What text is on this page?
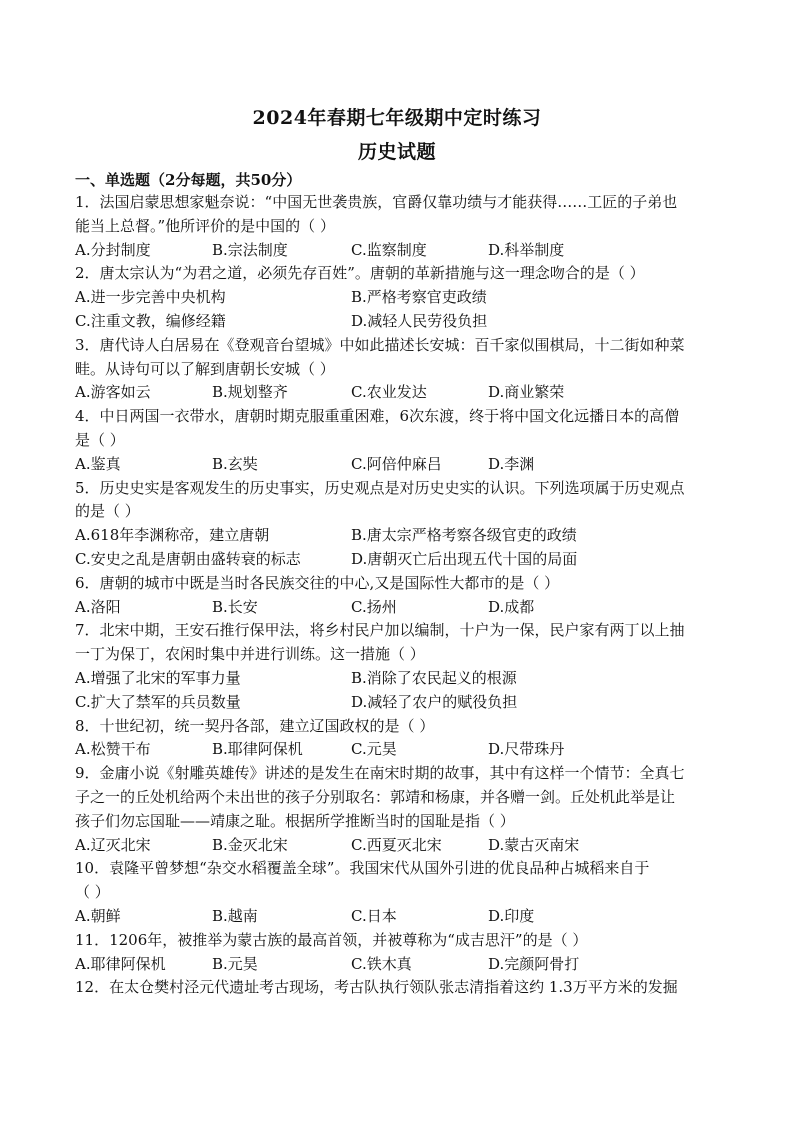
2024年春期七年级期中定时练习
历史试题
一、单选题（2分每题，共50分）

1．法国启蒙思想家魁奈说：“中国无世袭贵族，官爵仅靠功绩与才能获得……工匠的子弟也

能当上总督。”他所评价的是中国的（ ）

A.分封制度	B.宗法制度	C.监察制度	D.科举制度

2．唐太宗认为“为君之道，必须先存百姓”。唐朝的革新措施与这一理念吻合的是（ ）

A.进一步完善中央机构	B.严格考察官吏政绩
C.注重文教，编修经籍	D.减轻人民劳役负担

3．唐代诗人白居易在《登观音台望城》中如此描述长安城：百千家似围棋局，十二街如种菜

畦。从诗句可以了解到唐朝长安城（ ）

A.游客如云	B.规划整齐	C.农业发达	D.商业繁荣

4．中日两国一衣带水，唐朝时期克服重重困难，6次东渡，终于将中国文化远播日本的高僧

是（ ）

A.鉴真	B.玄奘	C.阿倍仲麻吕	D.李渊

5．历史史实是客观发生的历史事实，历史观点是对历史史实的认识。下列选项属于历史观点

的是（ ）

A.618年李渊称帝，建立唐朝	B.唐太宗严格考察各级官吏的政绩
C.安史之乱是唐朝由盛转衰的标志	D.唐朝灭亡后出现五代十国的局面

6．唐朝的城市中既是当时各民族交往的中心,又是国际性大都市的是（ ）

A.洛阳	B.长安	C.扬州	D.成都

7．北宋中期，王安石推行保甲法，将乡村民户加以编制，十户为一保，民户家有两丁以上抽

一丁为保丁，农闲时集中并进行训练。这一措施（ ）

A.增强了北宋的军事力量	B.消除了农民起义的根源
C.扩大了禁军的兵员数量	D.减轻了农户的赋役负担

8．十世纪初，统一契丹各部，建立辽国政权的是（ ）

A.松赞干布	B.耶律阿保机	C.元昊	D.尺带珠丹

9．金庸小说《射雕英雄传》讲述的是发生在南宋时期的故事，其中有这样一个情节：全真七

子之一的丘处机给两个未出世的孩子分别取名：郭靖和杨康，并各赠一剑。丘处机此举是让

孩子们勿忘国耻——靖康之耻。根据所学推断当时的国耻是指（ ）

A.辽灭北宋	B.金灭北宋	C.西夏灭北宋	D.蒙古灭南宋

10．袁隆平曾梦想“杂交水稻覆盖全球”。我国宋代从国外引进的优良品种占城稻来自于

（ ）

A.朝鲜	B.越南	C.日本	D.印度

11．1206年，被推举为蒙古族的最高首领，并被尊称为“成吉思汗”的是（ ）

A.耶律阿保机	B.元昊	C.铁木真	D.完颜阿骨打

12．在太仓樊村泾元代遗址考古现场，考古队执行领队张志清指着这约 1.3万平方米的发掘
